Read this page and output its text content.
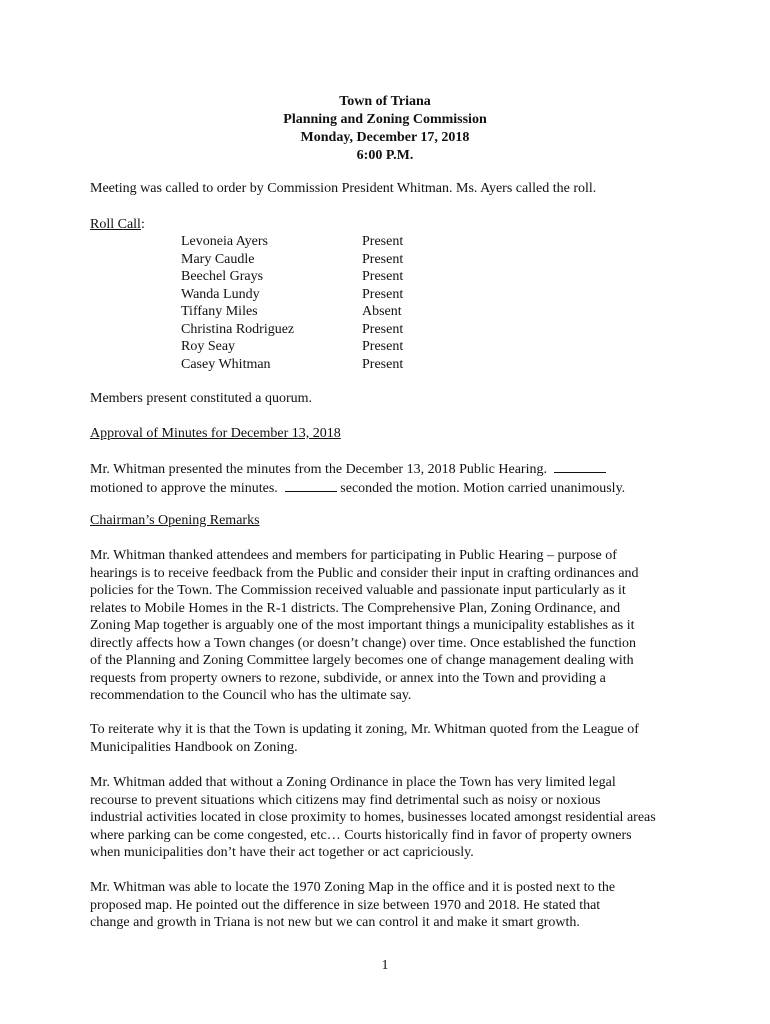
Town of Triana
Planning and Zoning Commission
Monday, December 17, 2018
6:00 P.M.
Meeting was called to order by Commission President Whitman. Ms. Ayers called the roll.
Roll Call:
Levoneia Ayers	Present
Mary Caudle	Present
Beechel Grays	Present
Wanda Lundy	Present
Tiffany Miles	Absent
Christina Rodriguez	Present
Roy Seay	Present
Casey Whitman	Present
Members present constituted a quorum.
Approval of Minutes for December 13, 2018
Mr. Whitman presented the minutes from the December 13, 2018 Public Hearing.
motioned to approve the minutes.	seconded the motion. Motion carried unanimously.
Chairman’s Opening Remarks
Mr. Whitman thanked attendees and members for participating in Public Hearing – purpose of
hearings is to receive feedback from the Public and consider their input in crafting ordinances and
policies for the Town. The Commission received valuable and passionate input particularly as it
relates to Mobile Homes in the R-1 districts. The Comprehensive Plan, Zoning Ordinance, and
Zoning Map together is arguably one of the most important things a municipality establishes as it
directly affects how a Town changes (or doesn’t change) over time. Once established the function
of the Planning and Zoning Committee largely becomes one of change management dealing with
requests from property owners to rezone, subdivide, or annex into the Town and providing a
recommendation to the Council who has the ultimate say.
To reiterate why it is that the Town is updating it zoning, Mr. Whitman quoted from the League of
Municipalities Handbook on Zoning.
Mr. Whitman added that without a Zoning Ordinance in place the Town has very limited legal
recourse to prevent situations which citizens may find detrimental such as noisy or noxious
industrial activities located in close proximity to homes, businesses located amongst residential areas
where parking can be come congested, etc… Courts historically find in favor of property owners
when municipalities don’t have their act together or act capriciously.
Mr. Whitman was able to locate the 1970 Zoning Map in the office and it is posted next to the
proposed map. He pointed out the difference in size between 1970 and 2018. He stated that
change and growth in Triana is not new but we can control it and make it smart growth.
1
